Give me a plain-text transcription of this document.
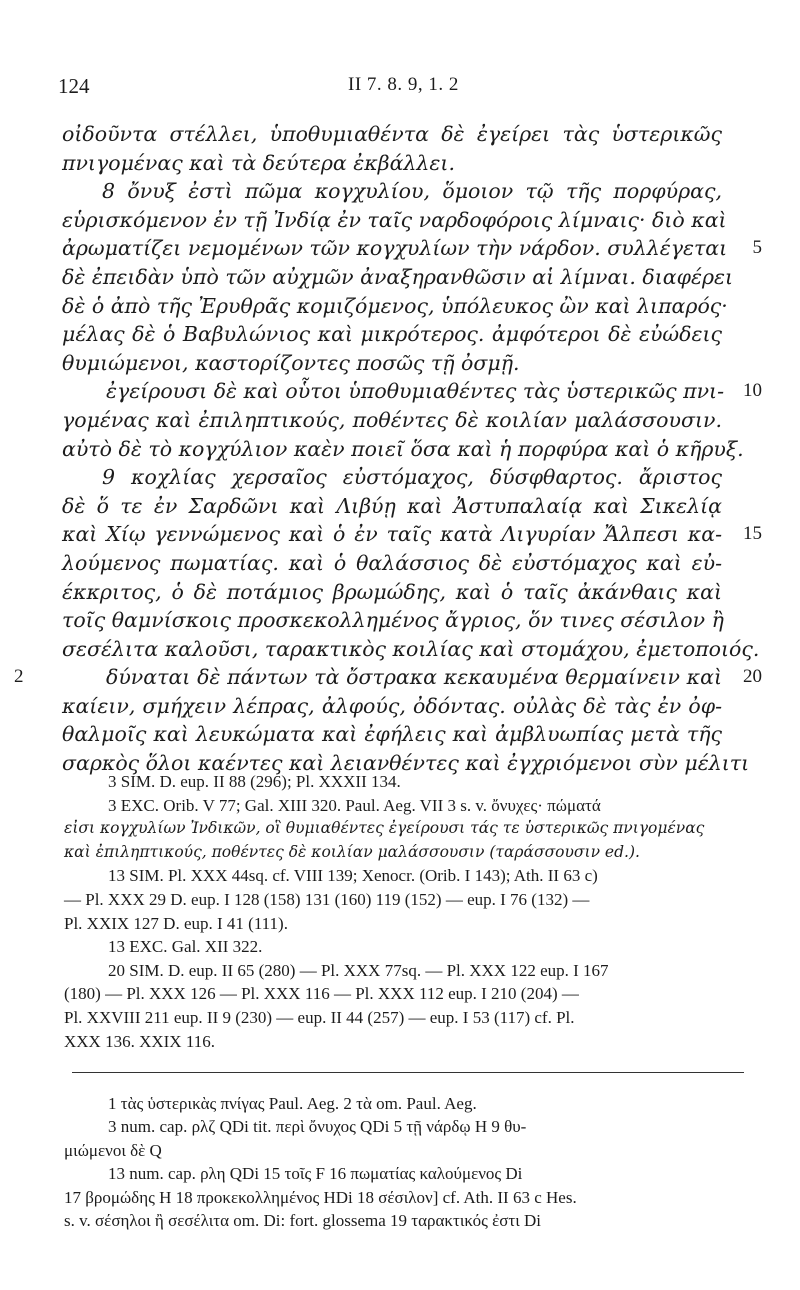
124	II 7. 8. 9, 1. 2
οἰδοῦντα στέλλει, ὑποθυμιαθέντα δὲ ἐγείρει τὰς ὑστερικῶς
πνιγομένας καὶ τὰ δεύτερα ἐκβάλλει.
8 ὄνυξ ἐστὶ πῶμα κογχυλίου, ὅμοιον τῷ τῆς πορφύρας,
εὑρισκόμενον ἐν τῇ Ἰνδίᾳ ἐν ταῖς ναρδοφόροις λίμναις· διὸ καὶ
ἀρωματίζει νεμομένων τῶν κογχυλίων τὴν νάρδον. συλλέγεται 5
δὲ ἐπειδὰν ὑπὸ τῶν αὐχμῶν ἀναξηρανθῶσιν αἱ λίμναι. διαφέρει
δὲ ὁ ἀπὸ τῆς Ἐρυθρᾶς κομιζόμενος, ὑπόλευκος ὢν καὶ λιπαρός·
μέλας δὲ ὁ Βαβυλώνιος καὶ μικρότερος. ἀμφότεροι δὲ εὐώδεις
θυμιώμενοι, καστορίζοντες ποσῶς τῇ ὀσμῇ.
ἐγείρουσι δὲ καὶ οὗτοι ὑποθυμιαθέντες τὰς ὑστερικῶς πνι- 10
γομένας καὶ ἐπιληπτικούς, ποθέντες δὲ κοιλίαν μαλάσσουσιν.
αὐτὸ δὲ τὸ κογχύλιον καὲν ποιεῖ ὅσα καὶ ἡ πορφύρα καὶ ὁ κῆρυξ.
9 κοχλίας χερσαῖος εὐστόμαχος, δύσφθαρτος. ἄριστος
δὲ ὅ τε ἐν Σαρδῶνι καὶ Λιβύῃ καὶ Ἀστυπαλαίᾳ καὶ Σικελίᾳ
καὶ Χίῳ γεννώμενος καὶ ὁ ἐν ταῖς κατὰ Λιγυρίαν Ἄλπεσι κα- 15
λούμενος πωματίας. καὶ ὁ θαλάσσιος δὲ εὐστόμαχος καὶ εὐ-
έκκριτος, ὁ δὲ ποτάμιος βρωμώδης, καὶ ὁ ταῖς ἀκάνθαις καὶ
τοῖς θαμνίσκοις προσκεκολλημένος ἄγριος, ὅν τινες σέσιλον ἢ
σεσέλιτα καλοῦσι, ταρακτικὸς κοιλίας καὶ στομάχου, ἐμετοποιός.
2	δύναται δὲ πάντων τὰ ὄστρακα κεκαυμένα θερμαίνειν καὶ 20
καίειν, σμήχειν λέπρας, ἀλφούς, ὀδόντας. οὐλὰς δὲ τὰς ἐν ὀφ-
θαλμοῖς καὶ λευκώματα καὶ ἐφήλεις καὶ ἀμβλυωπίας μετὰ τῆς
σαρκὸς ὅλοι καέντες καὶ λειανθέντες καὶ ἐγχριόμενοι σὺν μέλιτι
3 SIM. D. eup. II 88 (296); Pl. XXXII 134.
3 EXC. Orib. V 77; Gal. XIII 320. Paul. Aeg. VII 3 s. v. ὄνυχες· πώματά
εἰσι κογχυλίων Ἰνδικῶν, οἳ θυμιαθέντες ἐγείρουσι τάς τε ὑστερικῶς πνιγομένας
καὶ ἐπιληπτικούς, ποθέντες δὲ κοιλίαν μαλάσσουσιν (ταράσσουσιν ed.).
13 SIM. Pl. XXX 44sq. cf. VIII 139; Xenocr. (Orib. I 143); Ath. II 63 c)
— Pl. XXX 29 D. eup. I 128 (158) 131 (160) 119 (152) — eup. I 76 (132) —
Pl. XXIX 127 D. eup. I 41 (111).
13 EXC. Gal. XII 322.
20 SIM. D. eup. II 65 (280) — Pl. XXX 77sq. — Pl. XXX 122 eup. I 167
(180) — Pl. XXX 126 — Pl. XXX 116 — Pl. XXX 112 eup. I 210 (204) —
Pl. XXVIII 211 eup. II 9 (230) — eup. II 44 (257) — eup. I 53 (117) cf. Pl.
XXX 136. XXIX 116.
1 τὰς ὑστερικὰς πνίγας Paul. Aeg. 2 τὰ om. Paul. Aeg.
3 num. cap. ρλζ QDi tit. περὶ ὄνυχος QDi 5 τῇ νάρδῳ H 9 θυ-
μιώμενοι δὲ Q
13 num. cap. ρλη QDi 15 τοῖς F 16 πωματίας καλούμενος Di
17 βρομώδης H 18 προκεκολλημένος HDi 18 σέσιλον] cf. Ath. II 63 c Hes.
s. v. σέσηλοι ἢ σεσέλιτα om. Di: fort. glossema 19 ταρακτικός ἐστι Di
